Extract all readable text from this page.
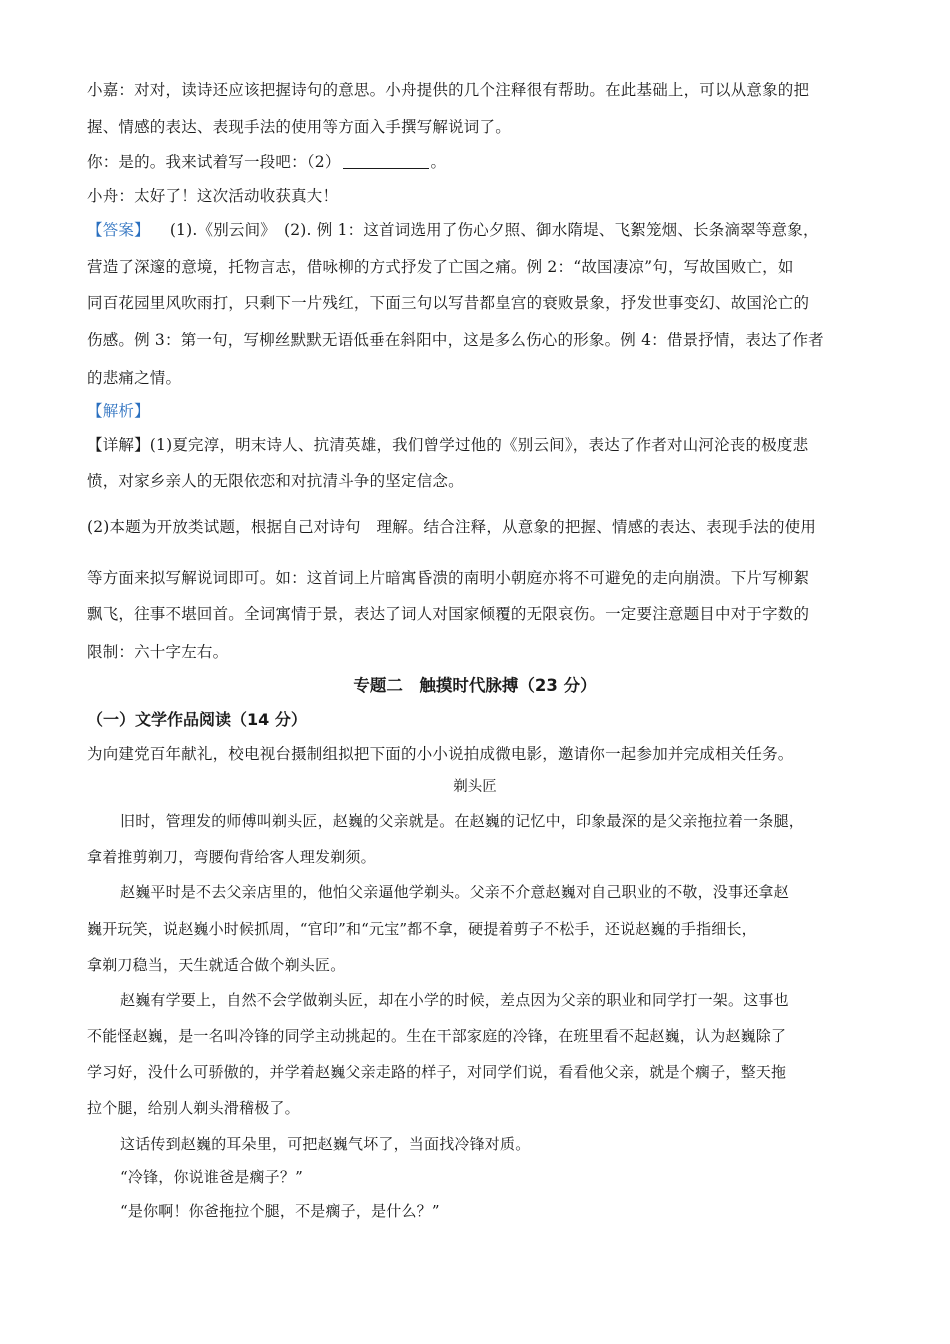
小嘉：对对，读诗还应该把握诗句的意思。小舟提供的几个注释很有帮助。在此基础上，可以从意象的把
握、情感的表达、表现手法的使用等方面入手撰写解说词了。
你：是的。我来试着写一段吧：（2）	。
小舟：太好了！这次活动收获真大！
【答案】 (1).《别云间》　(2). 例 1：这首词选用了伤心夕照、御水隋堤、飞絮笼烟、长条滴翠等意象，
营造了深邃的意境，托物言志，借咏柳的方式抒发了亡国之痛。例 2：“故国凄凉”句，写故国败亡，如
同百花园里风吹雨打，只剩下一片残红，下面三句以写昔都皇宫的衰败景象，抒发世事变幻、故国沦亡的
伤感。例 3：第一句，写柳丝默默无语低垂在斜阳中，这是多么伤心的形象。例 4：借景抒情，表达了作者
的悲痛之情。
【解析】
【详解】(1)夏完淳，明末诗人、抗清英雄，我们曾学过他的《别云间》，表达了作者对山河沦丧的极度悲
愤，对家乡亲人的无限依恋和对抗清斗争的坚定信念。
(2)本题为开放类试题，根据自己对诗句　理解。结合注释，从意象的把握、情感的表达、表现手法的使用
等方面来拟写解说词即可。如：这首词上片暗寓昏溃的南明小朝庭亦将不可避免的走向崩溃。下片写柳絮
飘飞，往事不堪回首。全词寓情于景，表达了词人对国家倾覆的无限哀伤。一定要注意题目中对于字数的
限制：六十字左右。
专题二　触摸时代脉搏（23 分）
（一）文学作品阅读（14 分）
为向建党百年献礼，校电视台摄制组拟把下面的小小说拍成微电影，邀请你一起参加并完成相关任务。
剃头匠
旧时，管理发的师傅叫剃头匠，赵巍的父亲就是。在赵巍的记忆中，印象最深的是父亲拖拉着一条腿，
拿着推剪剃刀，弯腰佝背给客人理发剃须。
赵巍平时是不去父亲店里的，他怕父亲逼他学剃头。父亲不介意赵巍对自己职业的不敬，没事还拿赵
巍开玩笑，说赵巍小时候抓周，“官印”和“元宝”都不拿，硬提着剪子不松手，还说赵巍的手指细长，
拿剃刀稳当，天生就适合做个剃头匠。
赵巍有学要上，自然不会学做剃头匠，却在小学的时候，差点因为父亲的职业和同学打一架。这事也
不能怪赵巍，是一名叫冷锋的同学主动挑起的。生在干部家庭的冷锋，在班里看不起赵巍，认为赵巍除了
学习好，没什么可骄傲的，并学着赵巍父亲走路的样子，对同学们说，看看他父亲，就是个瘸子，整天拖
拉个腿，给别人剃头滑稽极了。
这话传到赵巍的耳朵里，可把赵巍气坏了，当面找冷锋对质。
“冷锋，你说谁爸是瘸子？”
“是你啊！你爸拖拉个腿，不是瘸子，是什么？”
